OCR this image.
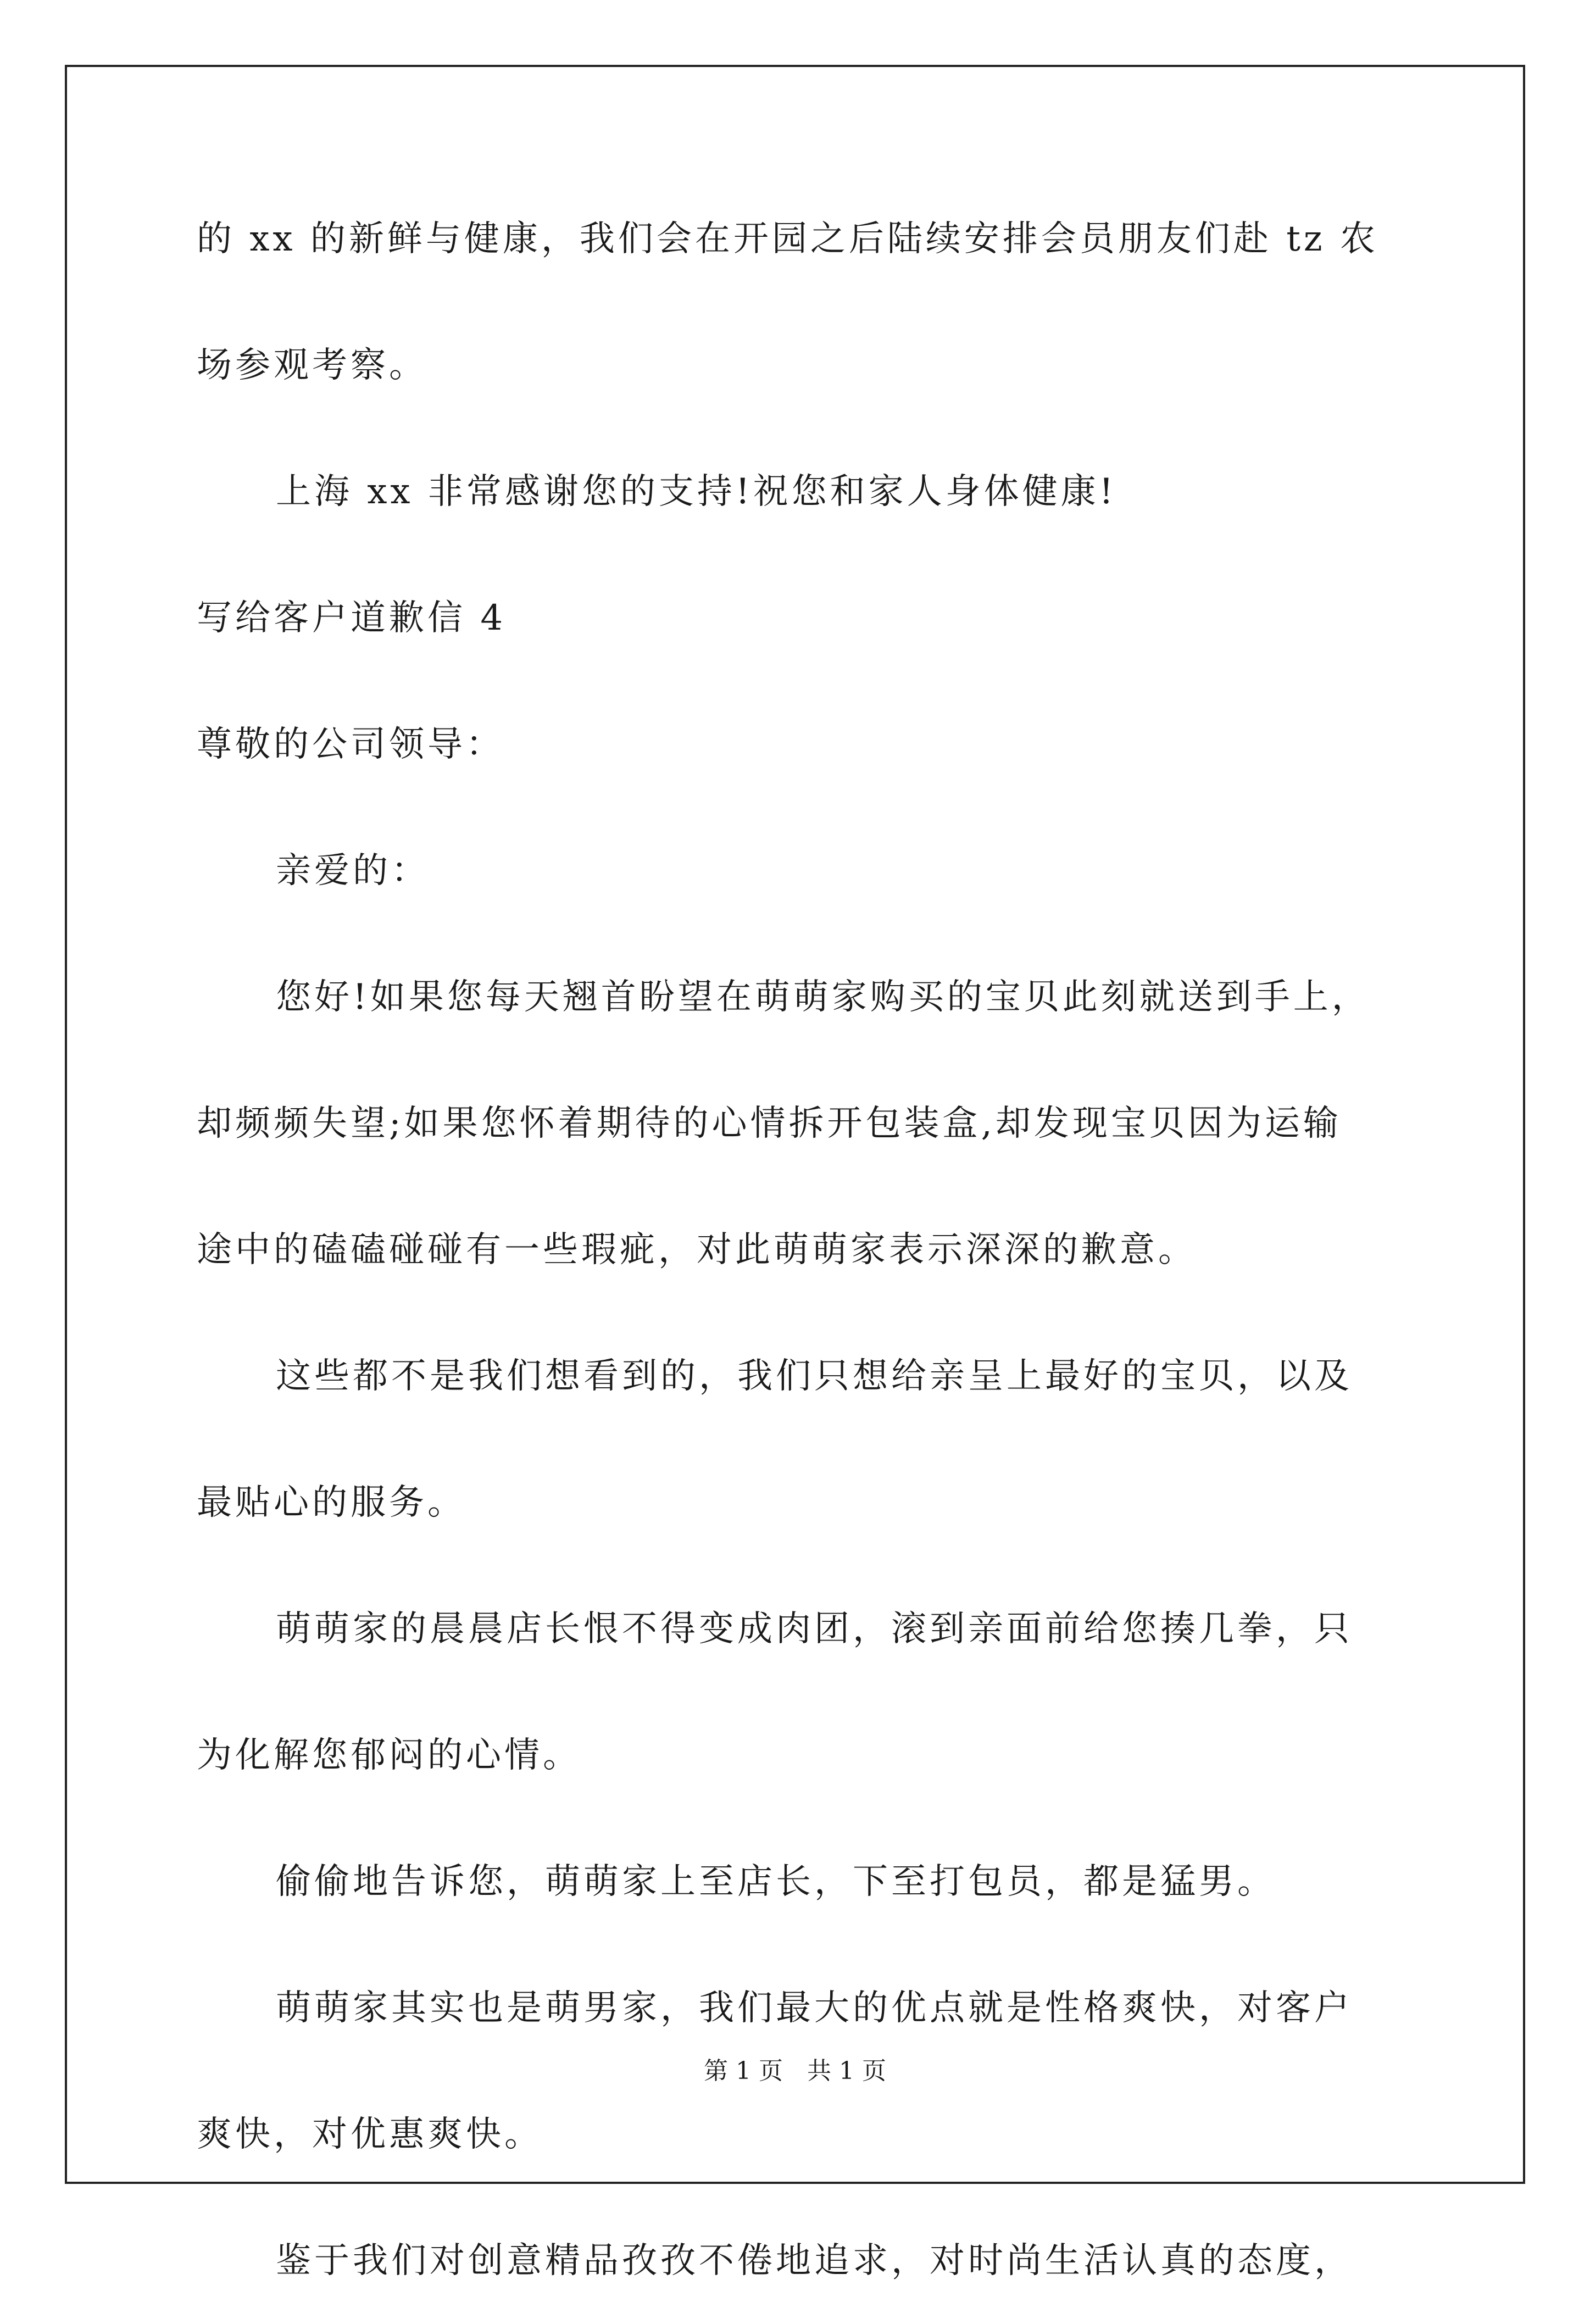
的 xx 的新鲜与健康，我们会在开园之后陆续安排会员朋友们赴 tz 农
场参观考察。
上海 xx 非常感谢您的支持!祝您和家人身体健康!
写给客户道歉信 4
尊敬的公司领导：
亲爱的：
您好!如果您每天翘首盼望在萌萌家购买的宝贝此刻就送到手上，
却频频失望;如果您怀着期待的心情拆开包装盒,却发现宝贝因为运输
途中的磕磕碰碰有一些瑕疵，对此萌萌家表示深深的歉意。
这些都不是我们想看到的，我们只想给亲呈上最好的宝贝，以及
最贴心的服务。
萌萌家的晨晨店长恨不得变成肉团，滚到亲面前给您揍几拳，只
为化解您郁闷的心情。
偷偷地告诉您，萌萌家上至店长，下至打包员，都是猛男。
萌萌家其实也是萌男家，我们最大的优点就是性格爽快，对客户
爽快，对优惠爽快。
鉴于我们对创意精品孜孜不倦地追求，对时尚生活认真的态度，
第 1 页 共 1 页
